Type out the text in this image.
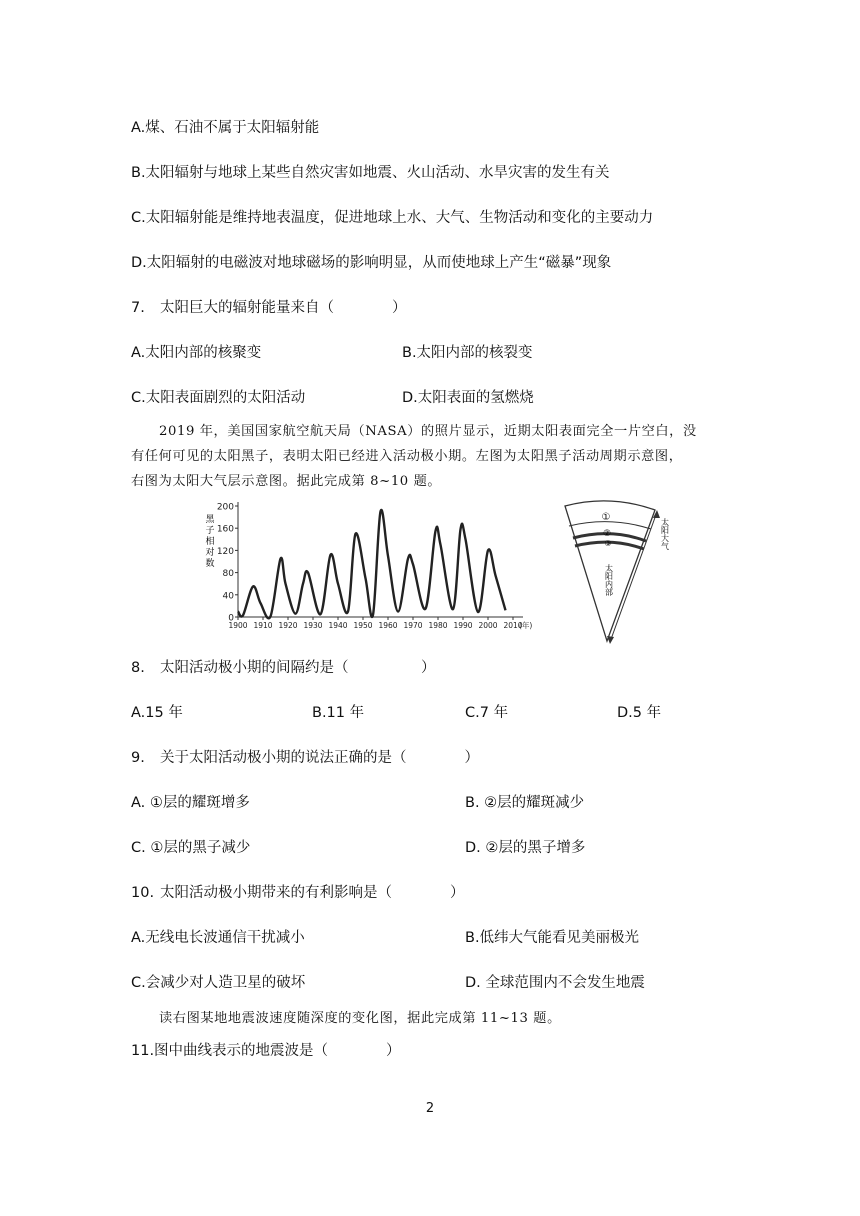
A.煤、石油不属于太阳辐射能
B.太阳辐射与地球上某些自然灾害如地震、火山活动、水旱灾害的发生有关
C.太阳辐射能是维持地表温度，促进地球上水、大气、生物活动和变化的主要动力
D.太阳辐射的电磁波对地球磁场的影响明显，从而使地球上产生“磁暴”现象
7. 太阳巨大的辐射能量来自（　　　　）
A.太阳内部的核聚变	B.太阳内部的核裂变
C.太阳表面剧烈的太阳活动	D.太阳表面的氢燃烧

2019 年，美国国家航空航天局（NASA）的照片显示，近期太阳表面完全一片空白，没

有任何可见的太阳黑子，表明太阳已经进入活动极小期。左图为太阳黑子活动周期示意图，

右图为太阳大气层示意图。据此完成第 8~10 题。

0
40
80
120
160
200
1900 1910 1920 1930 1940 1950 1960 1970 1980 1990 2000 2010
(年)
黑
子
相
对
数
①
②
③
太阳内部
太阳大气
8. 太阳活动极小期的间隔约是（　　　　　）
A.15 年	B.11 年	C.7 年	D.5 年
9. 关于太阳活动极小期的说法正确的是（　　　　）
A. ①层的耀斑增多	B. ②层的耀斑减少
C. ①层的黑子减少	D. ②层的黑子增多
10. 太阳活动极小期带来的有利影响是（　　　　）
A.无线电长波通信干扰减小	B.低纬大气能看见美丽极光
C.会减少对人造卫星的破坏	D. 全球范围内不会发生地震

读右图某地地震波速度随深度的变化图，据此完成第 11~13 题。

11.图中曲线表示的地震波是（　　　　）
2
